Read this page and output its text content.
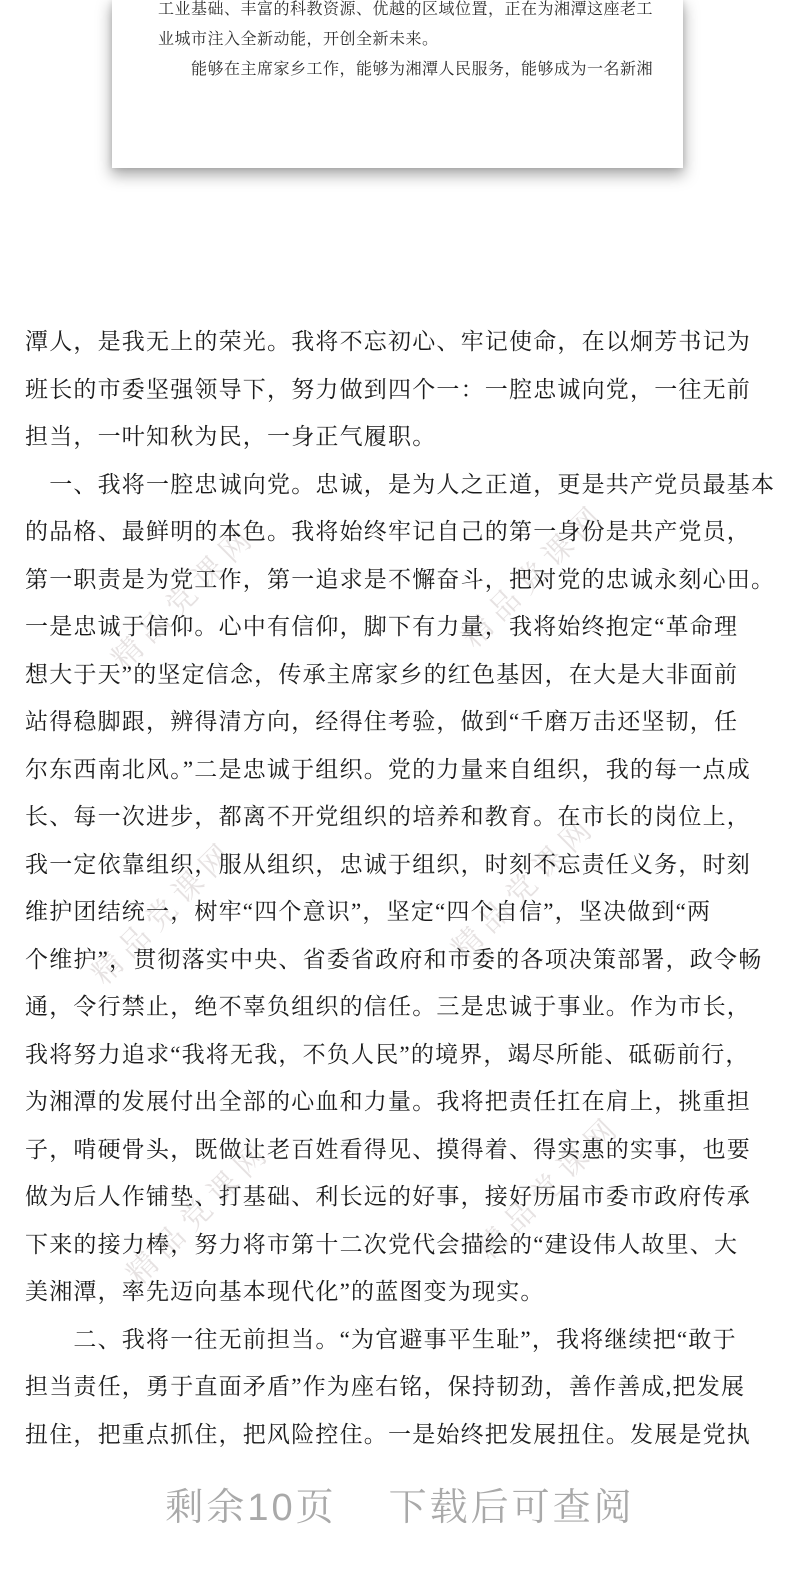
工业基础、丰富的科教资源、优越的区域位置，正在为湘潭这座老工
业城市注入全新动能，开创全新未来。
　　能够在主席家乡工作，能够为湘潭人民服务，能够成为一名新湘
精品党课网	精品党课网
精品党课网	精品党课网
精品党课网	精品党课网
潭人，是我无上的荣光。我将不忘初心、牢记使命，在以炯芳书记为
班长的市委坚强领导下，努力做到四个一：一腔忠诚向党，一往无前
担当，一叶知秋为民，一身正气履职。
　一、我将一腔忠诚向党。忠诚，是为人之正道，更是共产党员最基本
的品格、最鲜明的本色。我将始终牢记自己的第一身份是共产党员，
第一职责是为党工作，第一追求是不懈奋斗，把对党的忠诚永刻心田。
一是忠诚于信仰。心中有信仰，脚下有力量，我将始终抱定“革命理
想大于天”的坚定信念，传承主席家乡的红色基因，在大是大非面前
站得稳脚跟，辨得清方向，经得住考验，做到“千磨万击还坚韧，任
尔东西南北风。”二是忠诚于组织。党的力量来自组织，我的每一点成
长、每一次进步，都离不开党组织的培养和教育。在市长的岗位上，
我一定依靠组织，服从组织，忠诚于组织，时刻不忘责任义务，时刻
维护团结统一，树牢“四个意识”，坚定“四个自信”，坚决做到“两
个维护”，贯彻落实中央、省委省政府和市委的各项决策部署，政令畅
通，令行禁止，绝不辜负组织的信任。三是忠诚于事业。作为市长，
我将努力追求“我将无我，不负人民”的境界，竭尽所能、砥砺前行，
为湘潭的发展付出全部的心血和力量。我将把责任扛在肩上，挑重担
子，啃硬骨头，既做让老百姓看得见、摸得着、得实惠的实事，也要
做为后人作铺垫、打基础、利长远的好事，接好历届市委市政府传承
下来的接力棒，努力将市第十二次党代会描绘的“建设伟人故里、大
美湘潭，率先迈向基本现代化”的蓝图变为现实。
　　二、我将一往无前担当。“为官避事平生耻”，我将继续把“敢于
担当责任，勇于直面矛盾”作为座右铭，保持韧劲，善作善成,把发展
扭住，把重点抓住，把风险控住。一是始终把发展扭住。发展是党执
剩余10页 下载后可查阅
